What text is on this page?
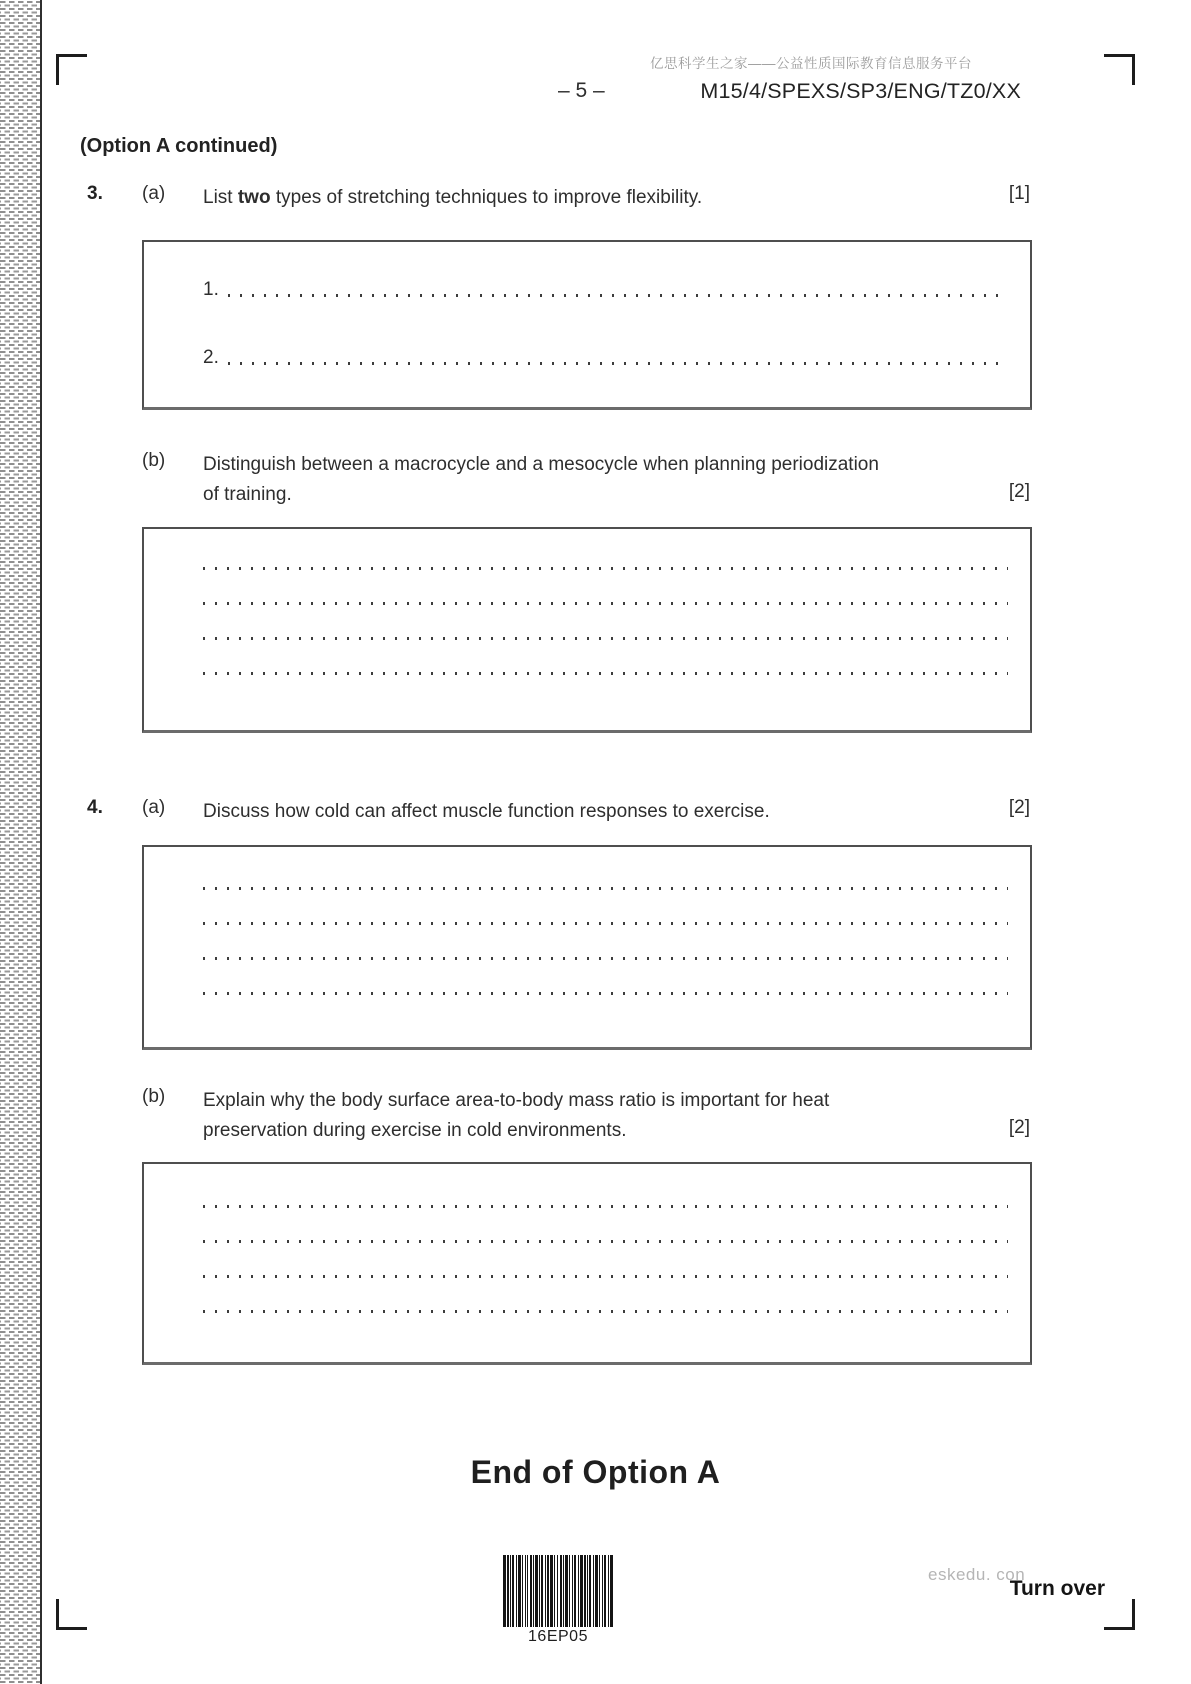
亿思科学生之家——公益性质国际教育信息服务平台
– 5 –	M15/4/SPEXS/SP3/ENG/TZ0/XX
(Option A continued)
3. (a) List two types of stretching techniques to improve flexibility.	[1]
1.
2.
(b) Distinguish between a macrocycle and a mesocycle when planning periodization
of training.	[2]
4. (a) Discuss how cold can affect muscle function responses to exercise.	[2]
(b) Explain why the body surface area-to-body mass ratio is important for heat
preservation during exercise in cold environments.	[2]
End of Option A
16EP05
eskedu. con
Turn over
